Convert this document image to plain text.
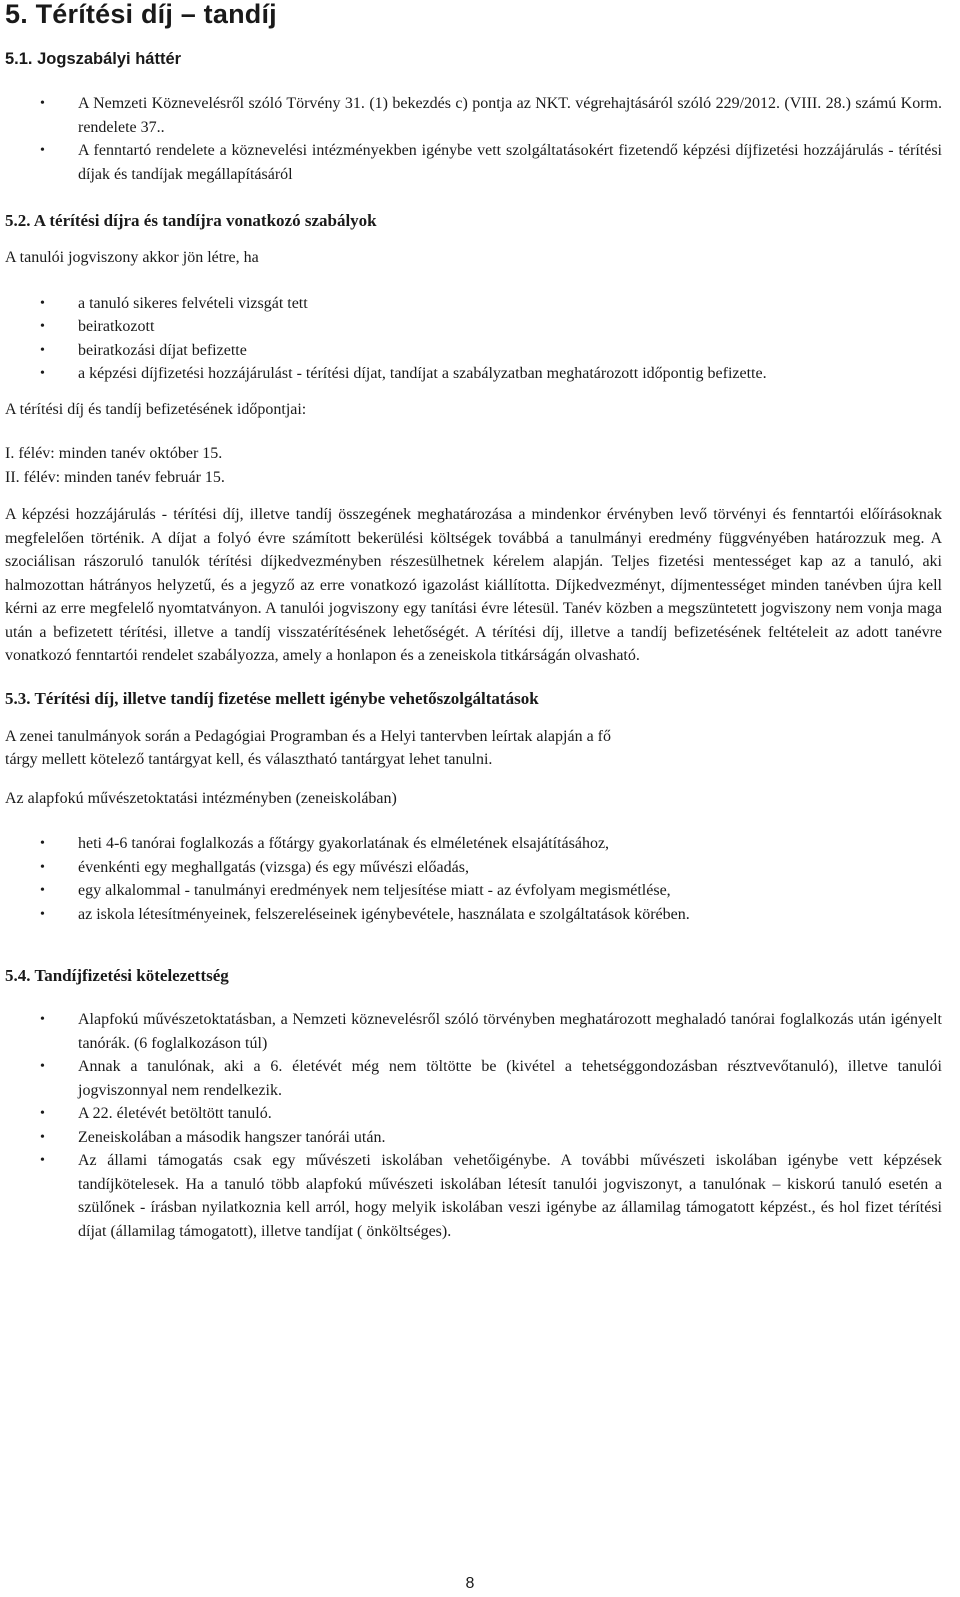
5. Térítési díj – tandíj
5.1. Jogszabályi háttér
• A Nemzeti Köznevelésről szóló Törvény 31. (1) bekezdés c) pontja az NKT. végrehajtásáról szóló 229/2012. (VIII. 28.) számú Korm. rendelete 37..
• A fenntartó rendelete a köznevelési intézményekben igénybe vett szolgáltatásokért fizetendő képzési díjfizetési hozzájárulás - térítési díjak és tandíjak megállapításáról
5.2. A térítési díjra és tandíjra vonatkozó szabályok

A tanulói jogviszony akkor jön létre, ha

• a tanuló sikeres felvételi vizsgát tett
• beiratkozott
• beiratkozási díjat befizette
• a képzési díjfizetési hozzájárulást - térítési díjat, tandíjat a szabályzatban meghatározott időpontig befizette.

A térítési díj és tandíj befizetésének időpontjai:

I. félév: minden tanév október 15.

II. félév: minden tanév február 15.

A képzési hozzájárulás - térítési díj, illetve tandíj összegének meghatározása a mindenkor érvényben levő törvényi és fenntartói előírásoknak megfelelően történik. A díjat a folyó évre számított bekerülési költségek továbbá a tanulmányi eredmény függvényében határozzuk meg. A szociálisan rászoruló tanulók térítési díjkedvezményben részesülhetnek kérelem alapján. Teljes fizetési mentességet kap az a tanuló, aki halmozottan hátrányos helyzetű, és a jegyző az erre vonatkozó igazolást kiállította. Díjkedvezményt, díjmentességet minden tanévben újra kell kérni az erre megfelelő nyomtatványon. A tanulói jogviszony egy tanítási évre létesül. Tanév közben a megszüntetett jogviszony nem vonja maga után a befizetett térítési, illetve a tandíj visszatérítésének lehetőségét. A térítési díj, illetve a tandíj befizetésének feltételeit az adott tanévre vonatkozó fenntartói rendelet szabályozza, amely a honlapon és a zeneiskola titkárságán olvasható.

5.3. Térítési díj, illetve tandíj fizetése mellett igénybe vehetőszolgáltatások

A zenei tanulmányok során a Pedagógiai Programban és a Helyi tantervben leírtak alapján a fő

tárgy mellett kötelező tantárgyat kell, és választható tantárgyat lehet tanulni.

Az alapfokú művészetoktatási intézményben (zeneiskolában)

• heti 4-6 tanórai foglalkozás a főtárgy gyakorlatának és elméletének elsajátításához,
• évenkénti egy meghallgatás (vizsga) és egy művészi előadás,
• egy alkalommal - tanulmányi eredmények nem teljesítése miatt - az évfolyam megismétlése,
• az iskola létesítményeinek, felszereléseinek igénybevétele, használata e szolgáltatások körében.
5.4. Tandíjfizetési kötelezettség
• Alapfokú művészetoktatásban, a Nemzeti köznevelésről szóló törvényben meghatározott meghaladó tanórai foglalkozás után igényelt tanórák. (6 foglalkozáson túl)
• Annak a tanulónak, aki a 6. életévét még nem töltötte be (kivétel a tehetséggondozásban résztvevőtanuló), illetve tanulói jogviszonnyal nem rendelkezik.
• A 22. életévét betöltött tanuló.
• Zeneiskolában a második hangszer tanórái után.
• Az állami támogatás csak egy művészeti iskolában vehetőigénybe. A további művészeti iskolában igénybe vett képzések tandíjkötelesek. Ha a tanuló több alapfokú művészeti iskolában létesít tanulói jogviszonyt, a tanulónak – kiskorú tanuló esetén a szülőnek - írásban nyilatkoznia kell arról, hogy melyik iskolában veszi igénybe az államilag támogatott képzést., és hol fizet térítési díjat (államilag támogatott), illetve tandíjat ( önköltséges).
8
